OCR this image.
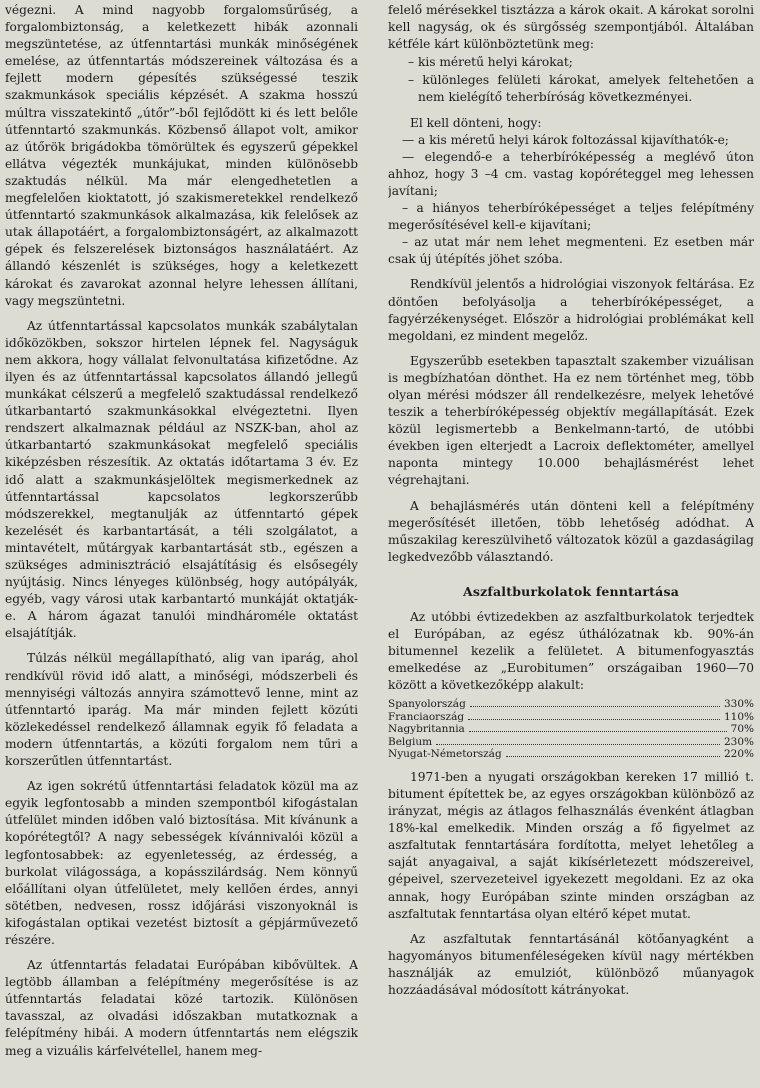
végezni. A mind nagyobb forgalomsűrűség, a forgalombiztonság, a keletkezett hibák azonnali megszüntetése, az útfenntartási munkák minőségének emelése, az útfenntartás módszereinek változása és a fejlett modern gépesítés szükségessé teszik szakmunkások speciális képzését. A szakma hosszú múltra visszatekintő „útőr”-ből fejlődött ki és lett belőle útfenntartó szakmunkás. Közbenső állapot volt, amikor az útőrök brigádokba tömörültek és egyszerű gépekkel ellátva végezték munkájukat, minden különösebb szaktudás nélkül. Ma már elengedhetetlen a megfelelően kioktatott, jó szakismeretekkel rendelkező útfenntartó szakmunkások alkalmazása, kik felelősek az utak állapotáért, a forgalombiztonságért, az alkalmazott gépek és felszerelések biztonságos használatáért. Az állandó készenlét is szükséges, hogy a keletkezett károkat és zavarokat azonnal helyre lehessen állítani, vagy megszüntetni.

Az útfenntartással kapcsolatos munkák szabálytalan időközökben, sokszor hirtelen lépnek fel. Nagyságuk nem akkora, hogy vállalat felvonultatása kifizetődne. Az ilyen és az útfenntartással kapcsolatos állandó jellegű munkákat célszerű a megfelelő szaktudással rendelkező útkarbantartó szakmunkásokkal elvégeztetni. Ilyen rendszert alkalmaznak például az NSZK-ban, ahol az útkarbantartó szakmunkásokat megfelelő speciális kiképzésben részesítik. Az oktatás időtartama 3 év. Ez idő alatt a szakmunkásjelöltek megismerkednek az útfenntartással kapcsolatos legkorszerűbb módszerekkel, megtanulják az útfenntartó gépek kezelését és karbantartását, a téli szolgálatot, a mintavételt, műtárgyak karbantartását stb., egészen a szükséges adminisztráció elsajátításig és elsősegély nyújtásig. Nincs lényeges különbség, hogy autópályák, egyéb, vagy városi utak karbantartó munkáját oktatják-e. A három ágazat tanulói mindhároméle oktatást elsajátítják.

Túlzás nélkül megállapítható, alig van iparág, ahol rendkívül rövid idő alatt, a minőségi, módszerbeli és mennyiségi változás annyira számottevő lenne, mint az útfenntartó iparág. Ma már minden fejlett közúti közlekedéssel rendelkező államnak egyik fő feladata a modern útfenntartás, a közúti forgalom nem tűri a korszerűtlen útfenntartást.

Az igen sokrétű útfenntartási feladatok közül ma az egyik legfontosabb a minden szempontból kifogástalan útfelület minden időben való biztosítása. Mit kívánunk a kopórétegtől? A nagy sebességek kívánnivalói közül a legfontosabbek: az egyenletesség, az érdesség, a burkolat világossága, a kopásszilárdság. Nem könnyű előállítani olyan útfelületet, mely kellően érdes, annyi sötétben, nedvesen, rossz időjárási viszonyoknál is kifogástalan optikai vezetést biztosít a gépjárművezető részére.

Az útfenntartás feladatai Európában kibővültek. A legtöbb államban a felépítmény megerősítése is az útfenntartás feladatai közé tartozik. Különösen tavasszal, az olvadási időszakban mutatkoznak a felépítmény hibái. A modern útfenntartás nem elégszik meg a vizuális kárfelvétellel, hanem meg-

felelő mérésekkel tisztázza a károk okait. A károkat sorolni kell nagyság, ok és sürgősség szempontjából. Általában kétféle kárt különböztetünk meg:

– kis méretű helyi károkat;

– különleges felületi károkat, amelyek feltehetően a nem kielégítő teherbíróság következményei.

El kell dönteni, hogy:

— a kis méretű helyi károk foltozással kijavíthatók-e;

— elegendő-e a teherbíróképesség a meglévő úton ahhoz, hogy 3 –4 cm. vastag kopóréteggel meg lehessen javítani;

– a hiányos teherbíróképességet a teljes felépítmény megerősítésével kell-e kijavítani;

– az utat már nem lehet megmenteni. Ez esetben már csak új útépítés jöhet szóba.

Rendkívül jelentős a hidrológiai viszonyok feltárása. Ez döntően befolyásolja a teherbíróképességet, a fagyérzékenységet. Először a hidrológiai problémákat kell megoldani, ez mindent megelőz.

Egyszerűbb esetekben tapasztalt szakember vizuálisan is megbízhatóan dönthet. Ha ez nem történhet meg, több olyan mérési módszer áll rendelkezésre, melyek lehetővé teszik a teherbíróképesség objektív megállapítását. Ezek közül legismertebb a Benkelmann-tartó, de utóbbi években igen elterjedt a Lacroix deflektométer, amellyel naponta mintegy 10.000 behajlásmérést lehet végrehajtani.

A behajlásmérés után dönteni kell a felépítmény megerősítését illetően, több lehetőség adódhat. A műszakilag kereszülvihető változatok közül a gazdaságilag legkedvezőbb választandó.

Aszfaltburkolatok fenntartása

Az utóbbi évtizedekben az aszfaltburkolatok terjedtek el Európában, az egész úthálózatnak kb. 90%-án bitumennel kezelik a felületet. A bitumenfogyasztás emelkedése az „Eurobitumen” országaiban 1960—70 között a következőképp alakult:

Spanyolország	330%
Franciaország	110%
Nagybritannia	70%
Belgium	230%
Nyugat-Németország	220%

1971-ben a nyugati országokban kereken 17 millió t. bitument építettek be, az egyes országokban különböző az irányzat, mégis az átlagos felhasználás évenként átlagban 18%-kal emelkedik. Minden ország a fő figyelmet az aszfaltutak fenntartására fordította, melyet lehetőleg a saját anyagaival, a saját kikísérletezett módszereivel, gépeivel, szervezeteivel igyekezett megoldani. Ez az oka annak, hogy Európában szinte minden országban az aszfaltutak fenntartása olyan eltérő képet mutat.

Az aszfaltutak fenntartásánál kötőanyagként a hagyományos bitumenféleségeken kívül nagy mértékben használják az emulziót, különböző műanyagok hozzáadásával módosított kátrányokat.
